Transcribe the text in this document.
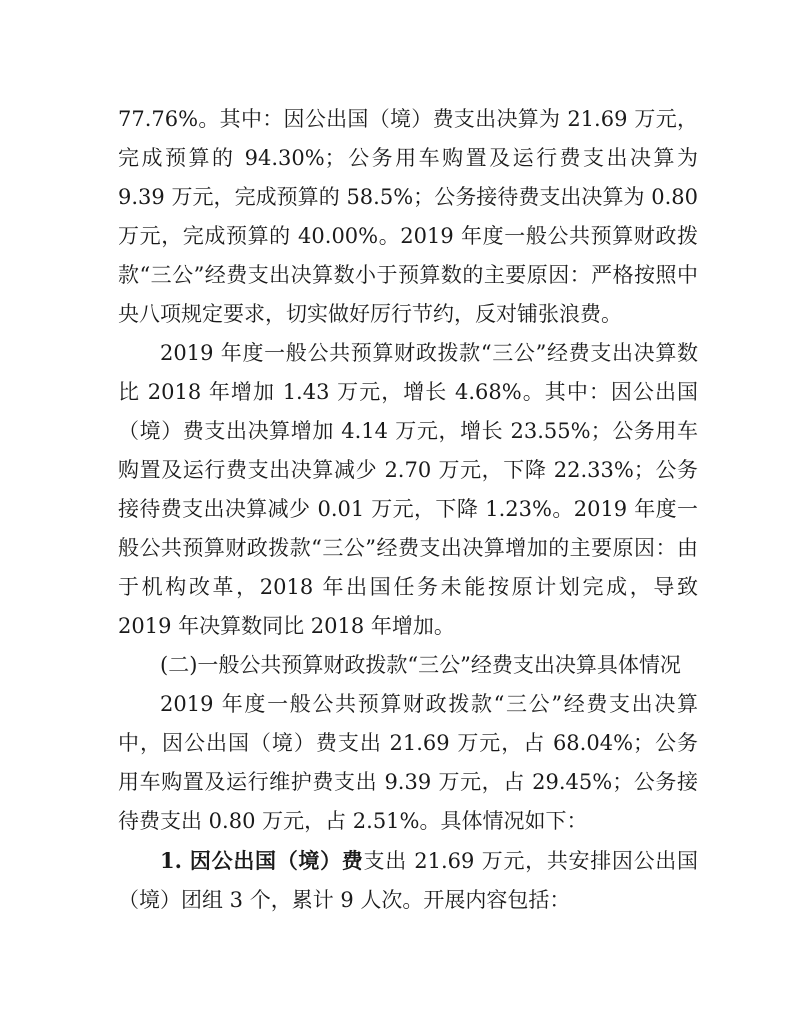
77.76%。其中：因公出国（境）费支出决算为 21.69 万元，完成预算的 94.30%；公务用车购置及运行费支出决算为 9.39 万元，完成预算的 58.5%；公务接待费支出决算为 0.80 万元，完成预算的 40.00%。2019 年度一般公共预算财政拨款“三公”经费支出决算数小于预算数的主要原因：严格按照中央八项规定要求，切实做好厉行节约，反对铺张浪费。

2019 年度一般公共预算财政拨款“三公”经费支出决算数比 2018 年增加 1.43 万元，增长 4.68%。其中：因公出国（境）费支出决算增加 4.14 万元，增长 23.55%；公务用车购置及运行费支出决算减少 2.70 万元，下降 22.33%；公务接待费支出决算减少 0.01 万元，下降 1.23%。2019 年度一般公共预算财政拨款“三公”经费支出决算增加的主要原因：由于机构改革，2018 年出国任务未能按原计划完成，导致 2019 年决算数同比 2018 年增加。

(二)一般公共预算财政拨款“三公”经费支出决算具体情况

2019 年度一般公共预算财政拨款“三公”经费支出决算中，因公出国（境）费支出 21.69 万元，占 68.04%；公务用车购置及运行维护费支出 9.39 万元，占 29.45%；公务接待费支出 0.80 万元，占 2.51%。具体情况如下：

1. 因公出国（境）费支出 21.69 万元，共安排因公出国（境）团组 3 个，累计 9 人次。开展内容包括：
